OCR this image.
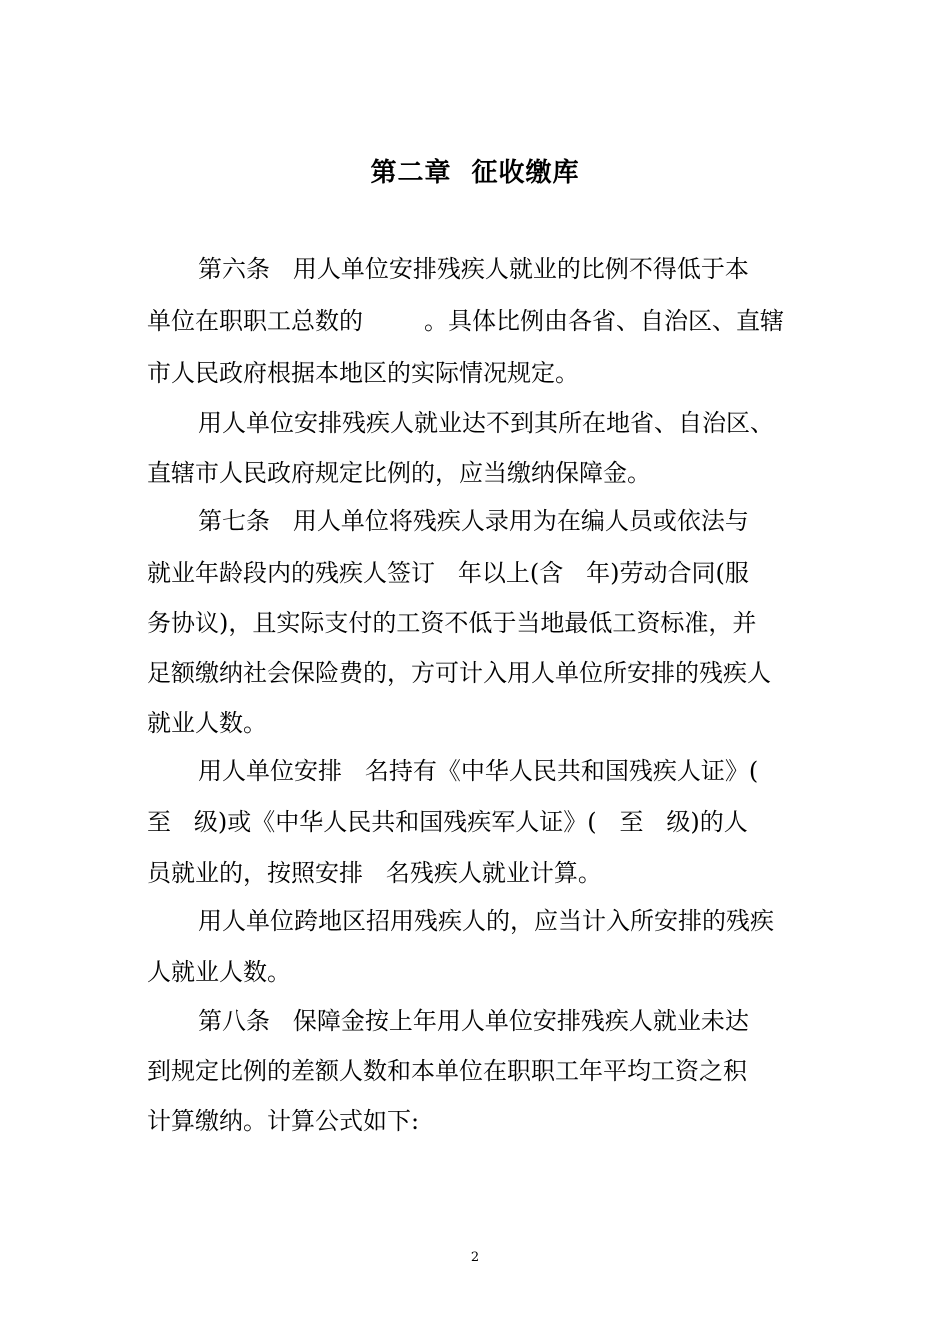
第二章  征收缴库
第六条   用人单位安排残疾人就业的比例不得低于本
单位在职职工总数的        。具体比例由各省、自治区、直辖
市人民政府根据本地区的实际情况规定。
用人单位安排残疾人就业达不到其所在地省、自治区、
直辖市人民政府规定比例的，应当缴纳保障金。
第七条   用人单位将残疾人录用为在编人员或依法与
就业年龄段内的残疾人签订   年以上(含   年)劳动合同(服
务协议)，且实际支付的工资不低于当地最低工资标准，并
足额缴纳社会保险费的，方可计入用人单位所安排的残疾人
就业人数。
用人单位安排   名持有《中华人民共和国残疾人证》(
至   级)或《中华人民共和国残疾军人证》(   至   级)的人
员就业的，按照安排   名残疾人就业计算。
用人单位跨地区招用残疾人的，应当计入所安排的残疾
人就业人数。
第八条   保障金按上年用人单位安排残疾人就业未达
到规定比例的差额人数和本单位在职职工年平均工资之积
计算缴纳。计算公式如下:
2
